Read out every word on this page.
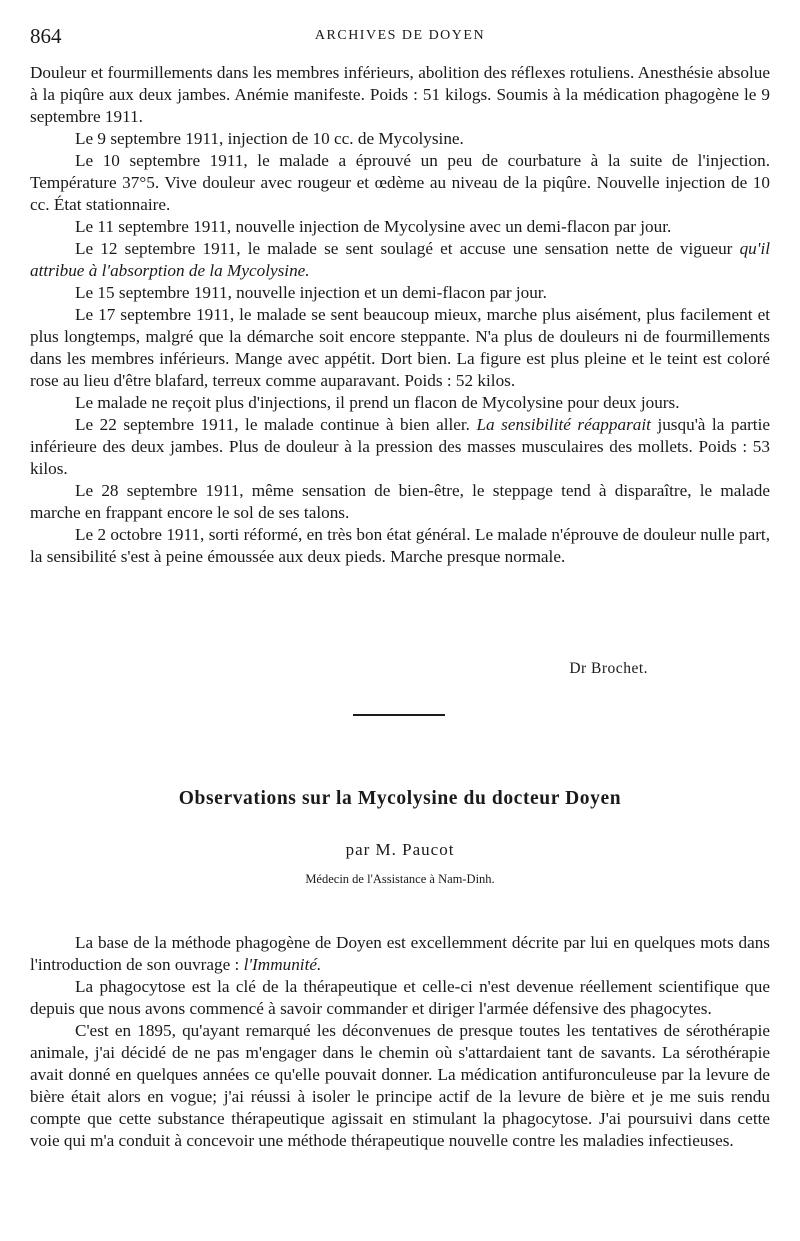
864	ARCHIVES DE DOYEN

Douleur et fourmillements dans les membres inférieurs, abolition des réflexes rotuliens. Anesthésie absolue à la piqûre aux deux jambes. Anémie manifeste. Poids : 51 kilogs. Soumis à la médication phagogène le 9 septembre 1911.

Le 9 septembre 1911, injection de 10 cc. de Mycolysine.

Le 10 septembre 1911, le malade a éprouvé un peu de courbature à la suite de l'injection. Température 37°5. Vive douleur avec rougeur et œdème au niveau de la piqûre. Nouvelle injection de 10 cc. État stationnaire.

Le 11 septembre 1911, nouvelle injection de Mycolysine avec un demi-flacon par jour.

Le 12 septembre 1911, le malade se sent soulagé et accuse une sensation nette de vigueur qu'il attribue à l'absorption de la Mycolysine.

Le 15 septembre 1911, nouvelle injection et un demi-flacon par jour.

Le 17 septembre 1911, le malade se sent beaucoup mieux, marche plus aisément, plus facilement et plus longtemps, malgré que la démarche soit encore steppante. N'a plus de douleurs ni de fourmillements dans les membres inférieurs. Mange avec appétit. Dort bien. La figure est plus pleine et le teint est coloré rose au lieu d'être blafard, terreux comme auparavant. Poids : 52 kilos.

Le malade ne reçoit plus d'injections, il prend un flacon de Mycolysine pour deux jours.

Le 22 septembre 1911, le malade continue à bien aller. La sensibilité réapparait jusqu'à la partie inférieure des deux jambes. Plus de douleur à la pression des masses musculaires des mollets. Poids : 53 kilos.

Le 28 septembre 1911, même sensation de bien-être, le steppage tend à disparaître, le malade marche en frappant encore le sol de ses talons.

Le 2 octobre 1911, sorti réformé, en très bon état général. Le malade n'éprouve de douleur nulle part, la sensibilité s'est à peine émoussée aux deux pieds. Marche presque normale.

Dr Brochet.
Observations sur la Mycolysine du docteur Doyen
par M. Paucot
Médecin de l'Assistance à Nam-Dinh.

La base de la méthode phagogène de Doyen est excellemment décrite par lui en quelques mots dans l'introduction de son ouvrage : l'Immunité.

La phagocytose est la clé de la thérapeutique et celle-ci n'est devenue réellement scientifique que depuis que nous avons commencé à savoir commander et diriger l'armée défensive des phagocytes.

C'est en 1895, qu'ayant remarqué les déconvenues de presque toutes les tentatives de sérothérapie animale, j'ai décidé de ne pas m'engager dans le chemin où s'attardaient tant de savants. La sérothérapie avait donné en quelques années ce qu'elle pouvait donner. La médication antifuronculeuse par la levure de bière était alors en vogue; j'ai réussi à isoler le principe actif de la levure de bière et je me suis rendu compte que cette substance thérapeutique agissait en stimulant la phagocytose. J'ai poursuivi dans cette voie qui m'a conduit à concevoir une méthode thérapeutique nouvelle contre les maladies infectieuses.
